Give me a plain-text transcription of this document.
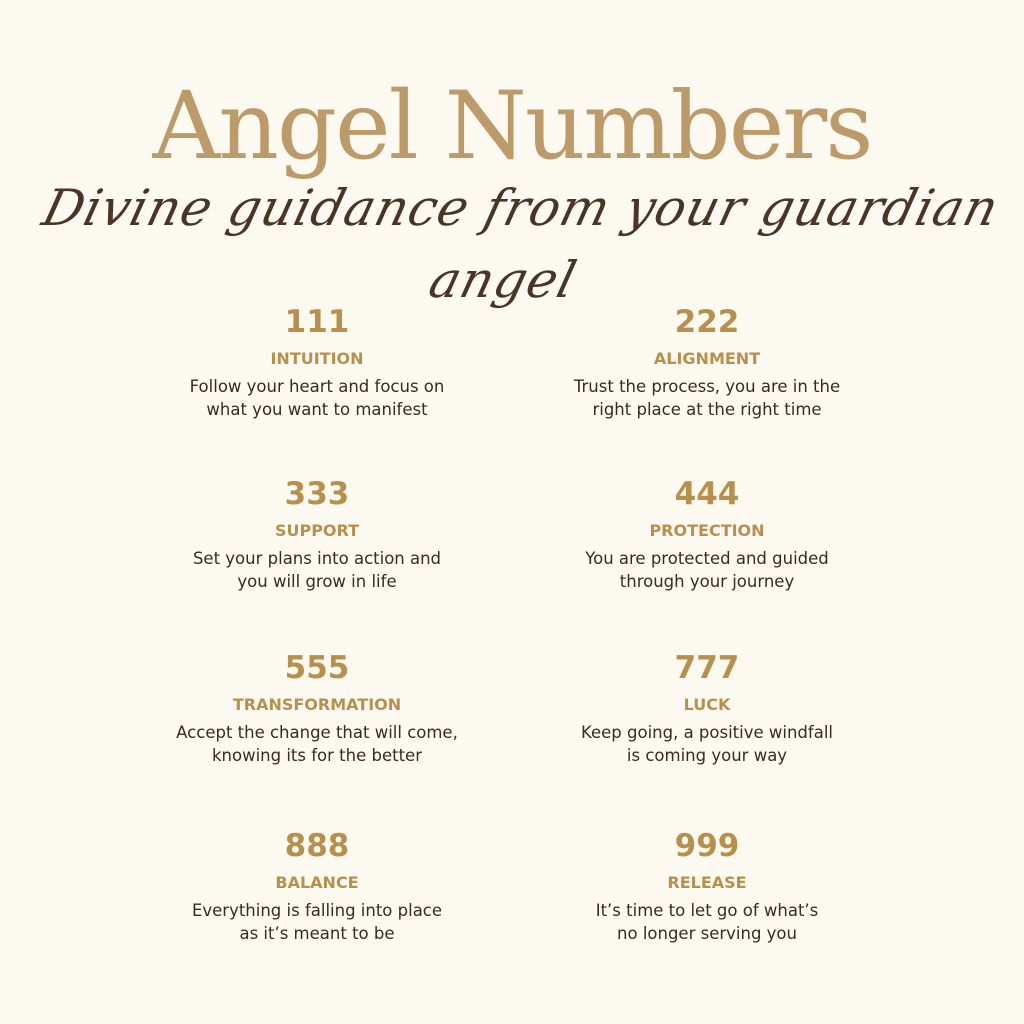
Angel Numbers
Divine guidance from your guardian angel
111
INTUITION
Follow your heart and focus on
what you want to manifest
222
ALIGNMENT
Trust the process, you are in the
right place at the right time
333
SUPPORT
Set your plans into action and
you will grow in life
444
PROTECTION
You are protected and guided
through your journey
555
TRANSFORMATION
Accept the change that will come,
knowing its for the better
777
LUCK
Keep going, a positive windfall
is coming your way
888
BALANCE
Everything is falling into place
as it’s meant to be
999
RELEASE
It’s time to let go of what’s
no longer serving you
